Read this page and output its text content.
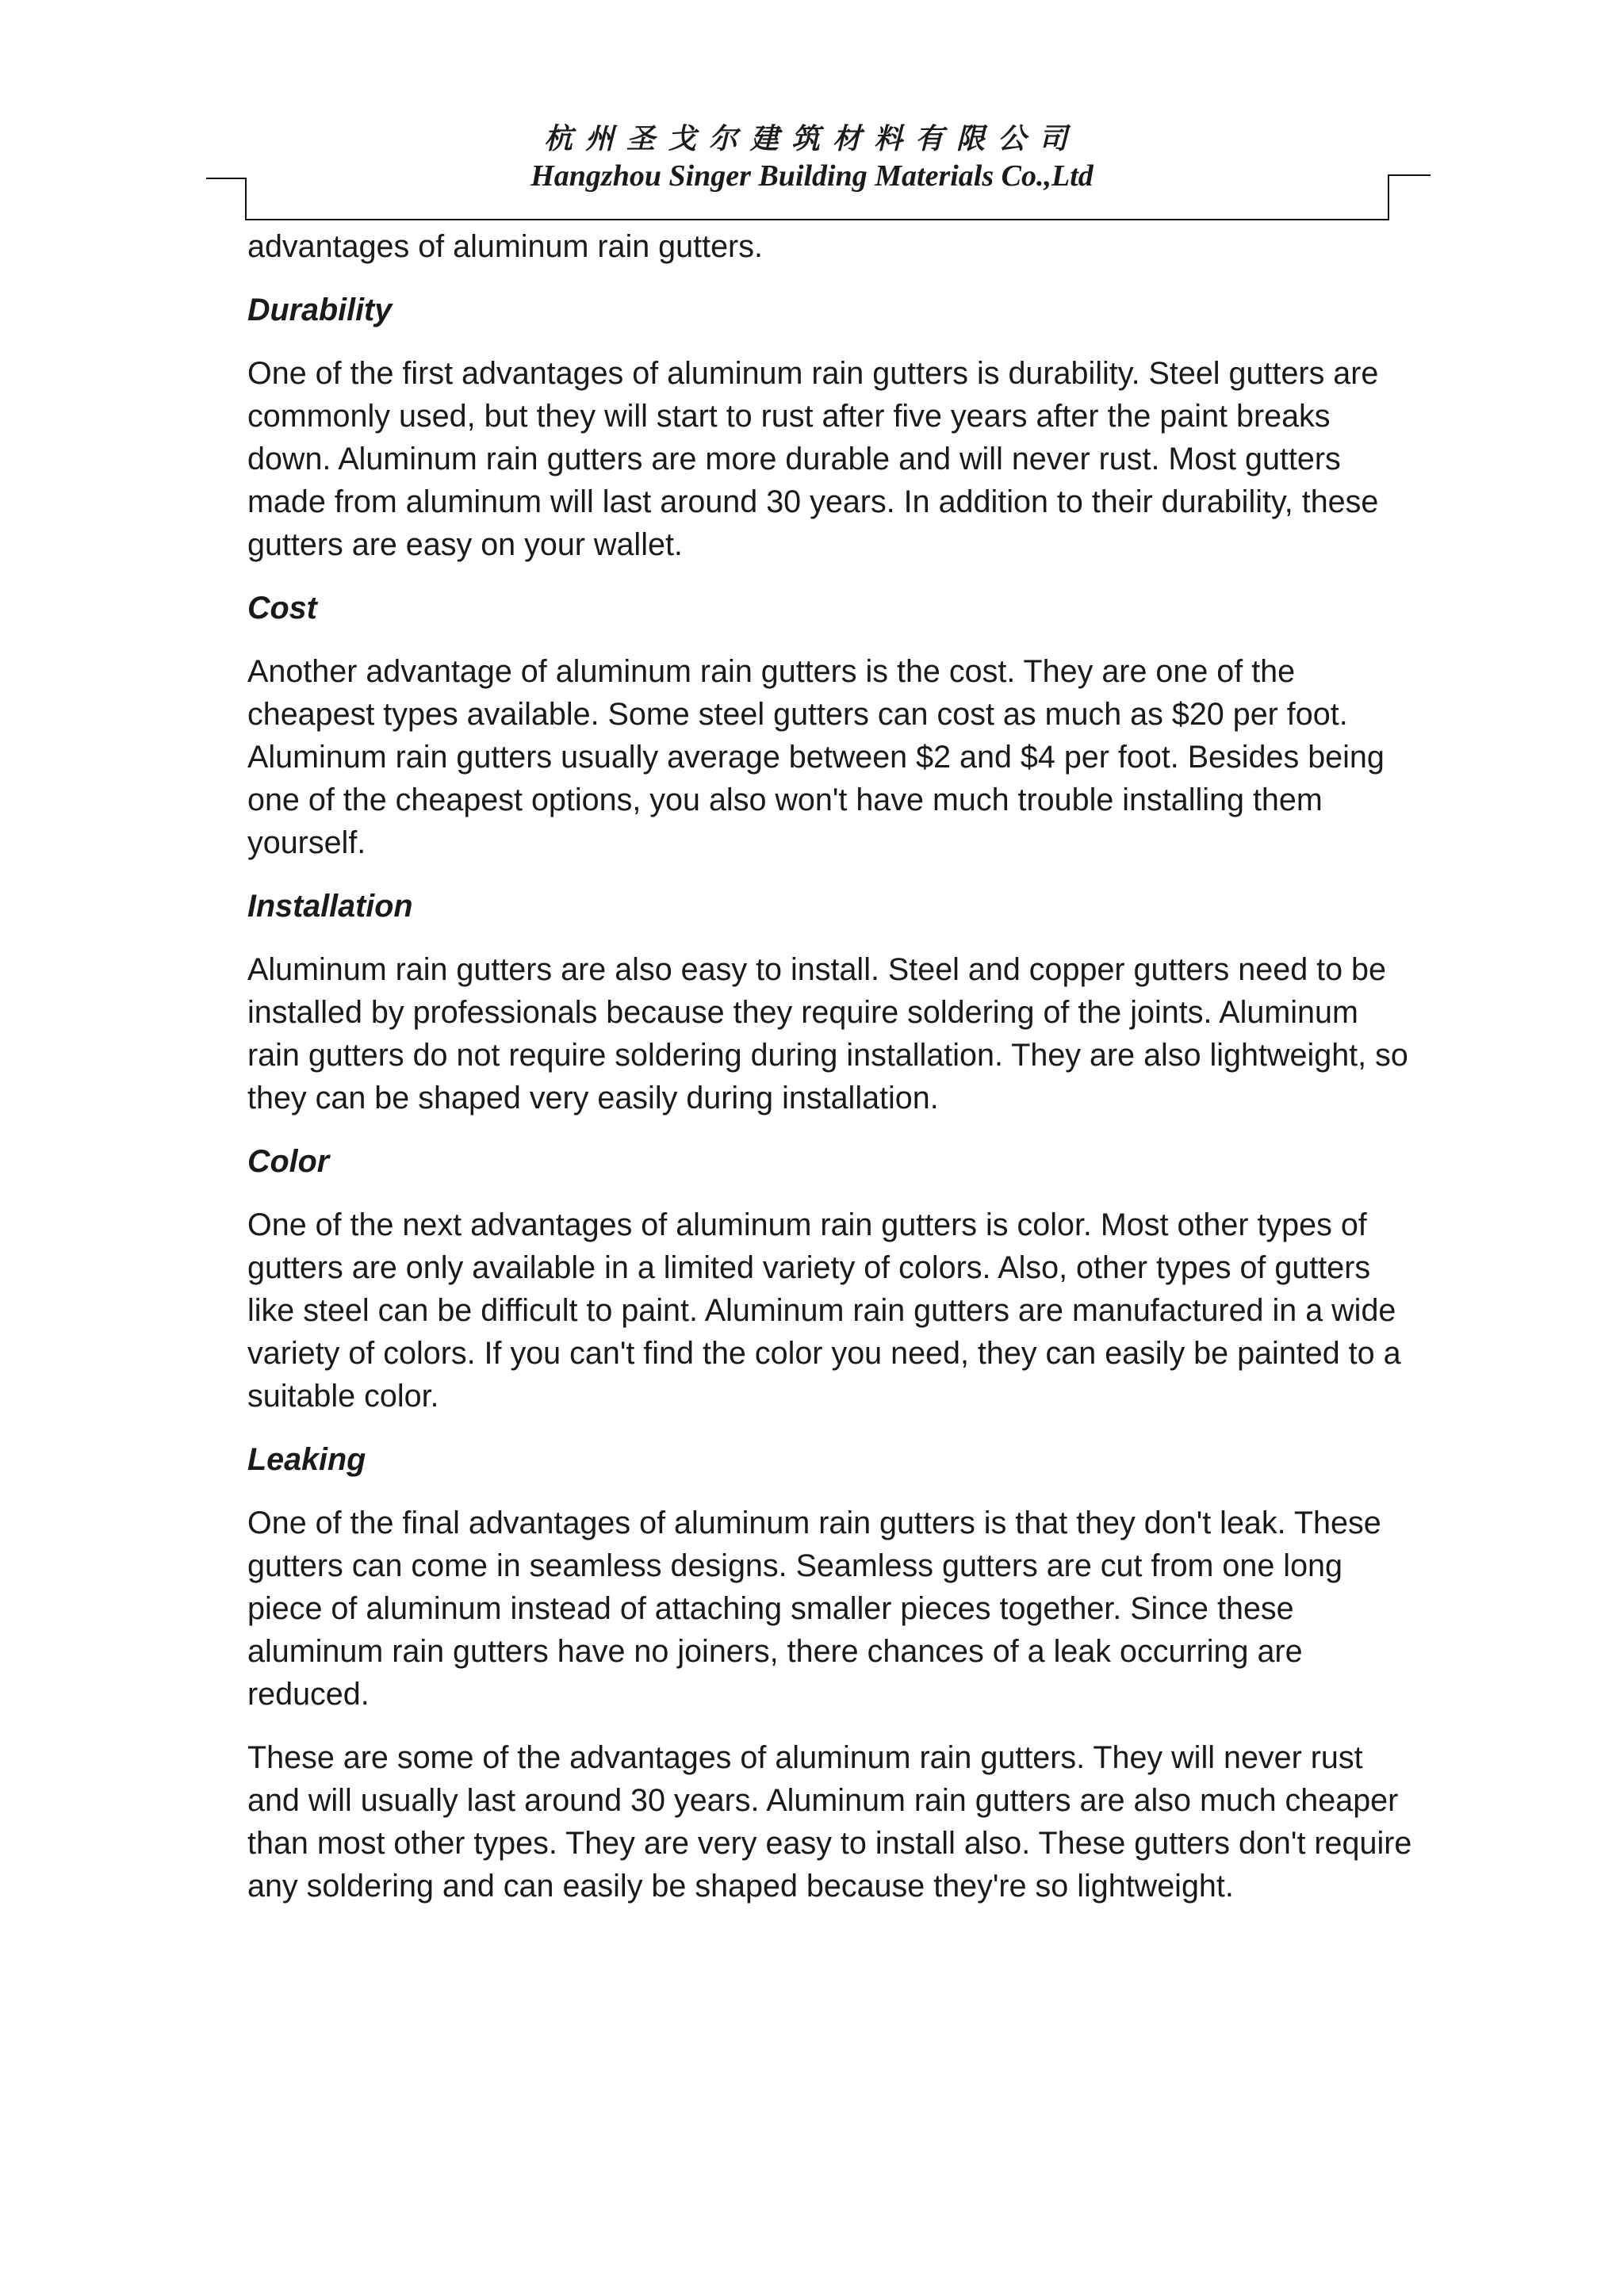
杭州圣戈尔建筑材料有限公司
Hangzhou Singer Building Materials Co.,Ltd

advantages of aluminum rain gutters.

Durability

One of the first advantages of aluminum rain gutters is durability. Steel gutters are commonly used, but they will start to rust after five years after the paint breaks down. Aluminum rain gutters are more durable and will never rust. Most gutters made from aluminum will last around 30 years. In addition to their durability, these gutters are easy on your wallet.

Cost

Another advantage of aluminum rain gutters is the cost. They are one of the cheapest types available. Some steel gutters can cost as much as $20 per foot. Aluminum rain gutters usually average between $2 and $4 per foot. Besides being one of the cheapest options, you also won't have much trouble installing them yourself.

Installation

Aluminum rain gutters are also easy to install. Steel and copper gutters need to be installed by professionals because they require soldering of the joints. Aluminum rain gutters do not require soldering during installation. They are also lightweight, so they can be shaped very easily during installation.

Color

One of the next advantages of aluminum rain gutters is color. Most other types of gutters are only available in a limited variety of colors. Also, other types of gutters like steel can be difficult to paint. Aluminum rain gutters are manufactured in a wide variety of colors. If you can't find the color you need, they can easily be painted to a suitable color.

Leaking

One of the final advantages of aluminum rain gutters is that they don't leak. These gutters can come in seamless designs. Seamless gutters are cut from one long piece of aluminum instead of attaching smaller pieces together. Since these aluminum rain gutters have no joiners, there chances of a leak occurring are reduced.

These are some of the advantages of aluminum rain gutters. They will never rust and will usually last around 30 years. Aluminum rain gutters are also much cheaper than most other types. They are very easy to install also. These gutters don't require any soldering and can easily be shaped because they're so lightweight.
